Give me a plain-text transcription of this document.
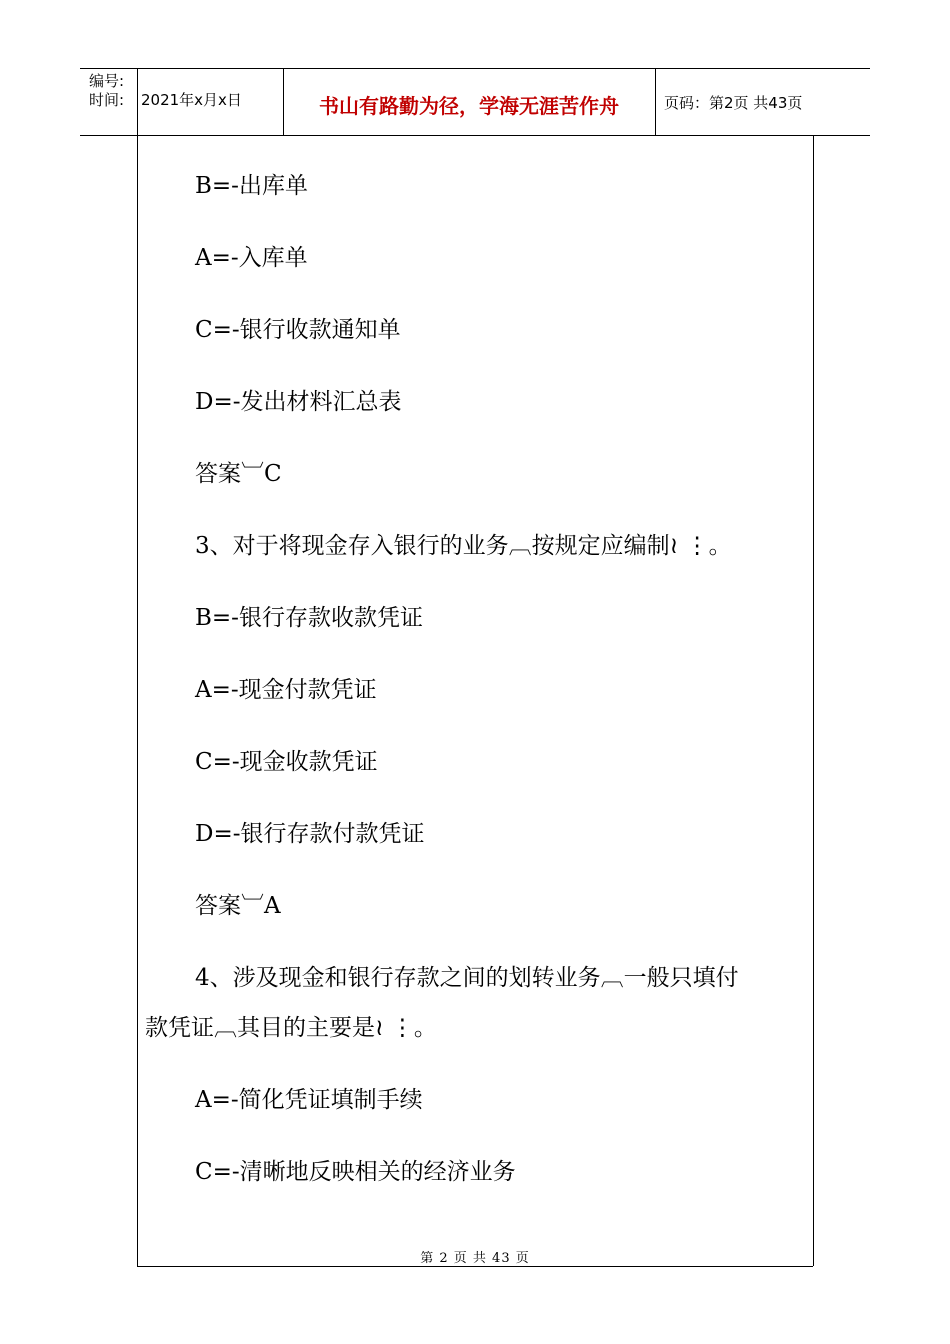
编号:
时间: 2021年x月x日	书山有路勤为径，学海无涯苦作舟	页码：第2页 共43页
B=-出库单
A=-入库单
C=-银行收款通知单
D=-发出材料汇总表
答案︺C
3、对于将现金存入银行的业务︹按规定应编制≀ ⋮。
B=-银行存款收款凭证
A=-现金付款凭证
C=-现金收款凭证
D=-银行存款付款凭证
答案︺A
4、涉及现金和银行存款之间的划转业务︹一般只填付
款凭证︹其目的主要是≀ ⋮。
A=-简化凭证填制手续
C=-清晰地反映相关的经济业务
第 2 页 共 43 页
